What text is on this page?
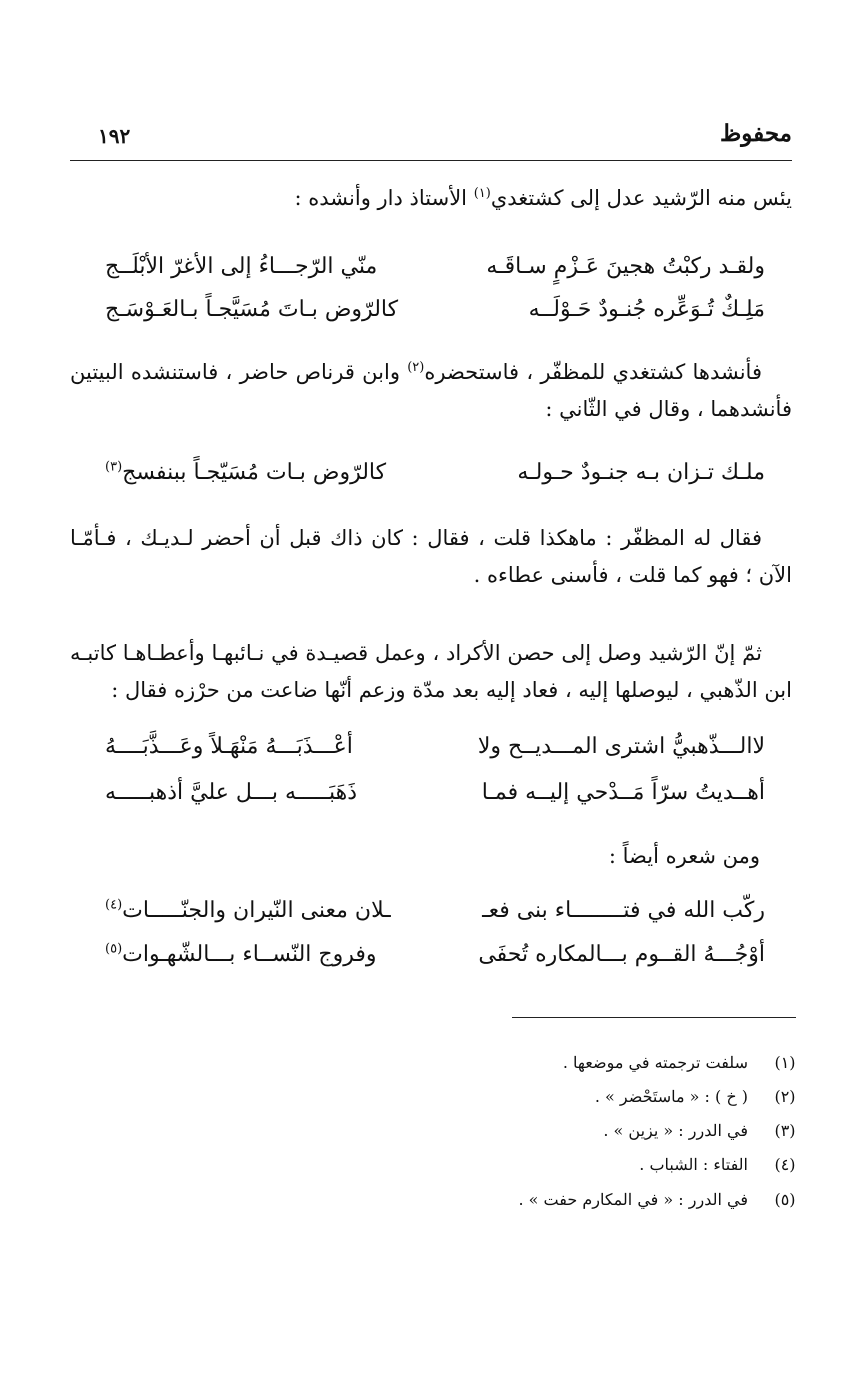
محفوظ
١٩٢

يئس منه الرّشيد عدل إلى كشتغدي$^{(١)}$ الأستاذ دار وأنشده :

ولقـد ركبْتُ هجينَ عَـزْمٍ سـاقَـه
منّي الرّجـــاءُ إلى الأغرّ الأبْلَــج
مَلِـكٌ تُـوَعِّره جُنـودٌ حَـوْلَــه
كالرّوض بـاتَ مُسَيَّجـاً بـالعَـوْسَـج

فأنشدها كشتغدي للمظفّر ، فاستحضره$^{(٢)}$ وابن قرناص حاضر ، فاستنشده البيتين فأنشدهما ، وقال في الثّاني :

ملـك تـزان بـه جنـودٌ حـولـه
كالرّوض بـات مُسَيّجـاً ببنفسج$^{(٣)}$

فقال له المظفّر : ماهكذا قلت ، فقال : كان ذاك قبل أن أحضر لـديـك ، فـأمّـا الآن ؛ فهو كما قلت ، فأسنى عطاءه .

ثمّ إنّ الرّشيد وصل إلى حصن الأكراد ، وعمل قصيـدة في نـائبهـا وأعطـاهـا كاتبـه ابن الذّهبي ، ليوصلها إليه ، فعاد إليه بعد مدّة وزعم أنّها ضاعت من حرْزه فقال :

لاالـــذّهبيُّ اشترى المـــديــح ولا
أعْـــذَبَـــهُ مَنْهَـلاً وعَـــذَّبَــــهُ
أهــديتُ سرّاً مَــدْحي إليــه فمـا
ذَهَبَـــــه بـــل عليَّ أذهبـــــه

ومن شعره أيضاً :

ركّب الله في فتــــــــاء بنى فعـ
ـلان معنى النّيران والجنّـــــات$^{(٤)}$
أوْجُـــهُ القــوم بـــالمكاره تُحفَى
وفروج النّســاء بـــالشّهـوات$^{(٥)}$
(١)
سلفت ترجمته في موضعها .
(٢)
( خ ) : « ماستَحْضر » .
(٣)
في الدرر : « يزين » .
(٤)
الفتاء : الشباب .
(٥)
في الدرر : « في المكارم حفت » .
